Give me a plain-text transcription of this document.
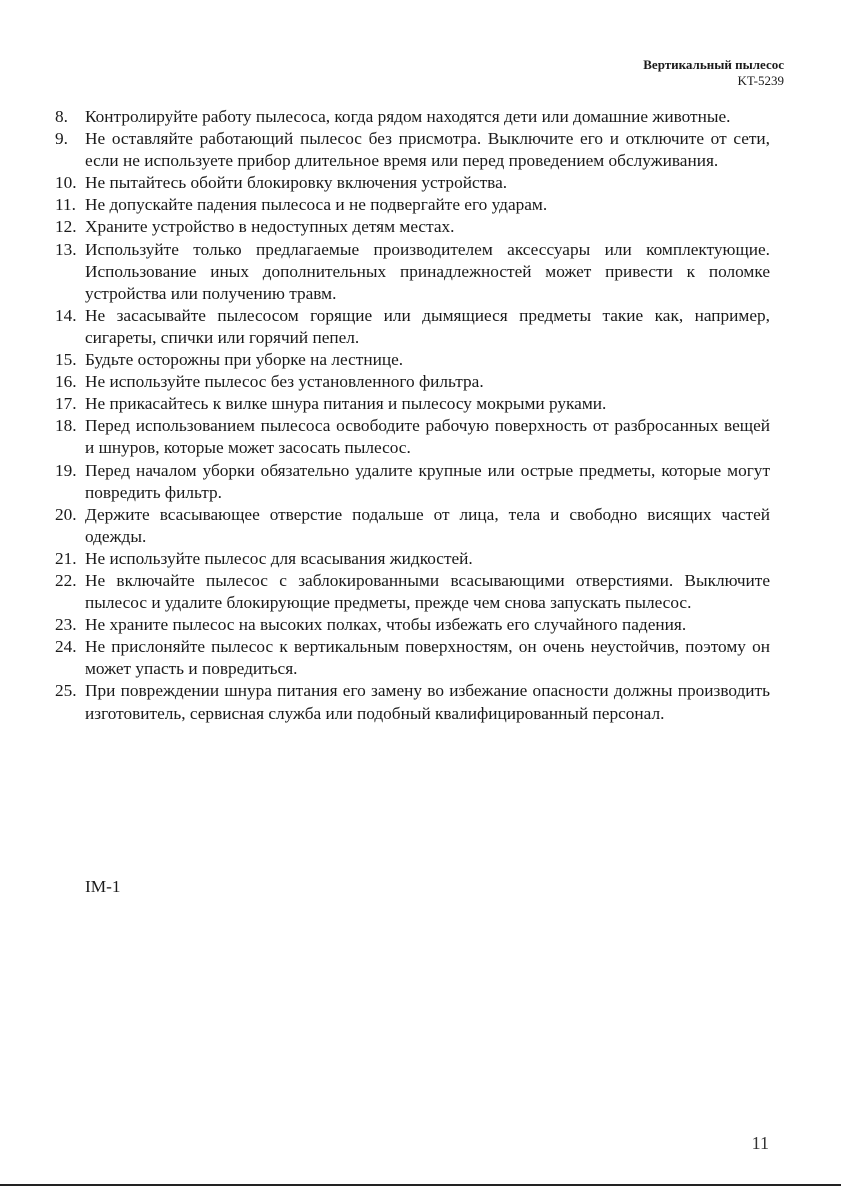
Вертикальный пылесос
KT-5239
8. Контролируйте работу пылесоса, когда рядом находятся дети или домашние животные.
9. Не оставляйте работающий пылесос без присмотра. Выключите его и отключите от сети, если не используете прибор длительное время или перед проведением обслуживания.
10. Не пытайтесь обойти блокировку включения устройства.
11. Не допускайте падения пылесоса и не подвергайте его ударам.
12. Храните устройство в недоступных детям местах.
13. Используйте только предлагаемые производителем аксессуары или комплектующие. Использование иных дополнительных принадлежностей может привести к поломке устройства или получению травм.
14. Не засасывайте пылесосом горящие или дымящиеся предметы такие как, например, сигареты, спички или горячий пепел.
15. Будьте осторожны при уборке на лестнице.
16. Не используйте пылесос без установленного фильтра.
17. Не прикасайтесь к вилке шнура питания и пылесосу мокрыми руками.
18. Перед использованием пылесоса освободите рабочую поверхность от разбросанных вещей и шнуров, которые может засосать пылесос.
19. Перед началом уборки обязательно удалите крупные или острые предметы, которые могут повредить фильтр.
20. Держите всасывающее отверстие подальше от лица, тела и свободно висящих частей одежды.
21. Не используйте пылесос для всасывания жидкостей.
22. Не включайте пылесос с заблокированными всасывающими отверстиями. Выключите пылесос и удалите блокирующие предметы, прежде чем снова запускать пылесос.
23. Не храните пылесос на высоких полках, чтобы избежать его случайного падения.
24. Не прислоняйте пылесос к вертикальным поверхностям, он очень неустойчив, поэтому он может упасть и повредиться.
25. При повреждении шнура питания его замену во избежание опасности должны производить изготовитель, сервисная служба или подобный квалифицированный персонал.
IM-1
11
